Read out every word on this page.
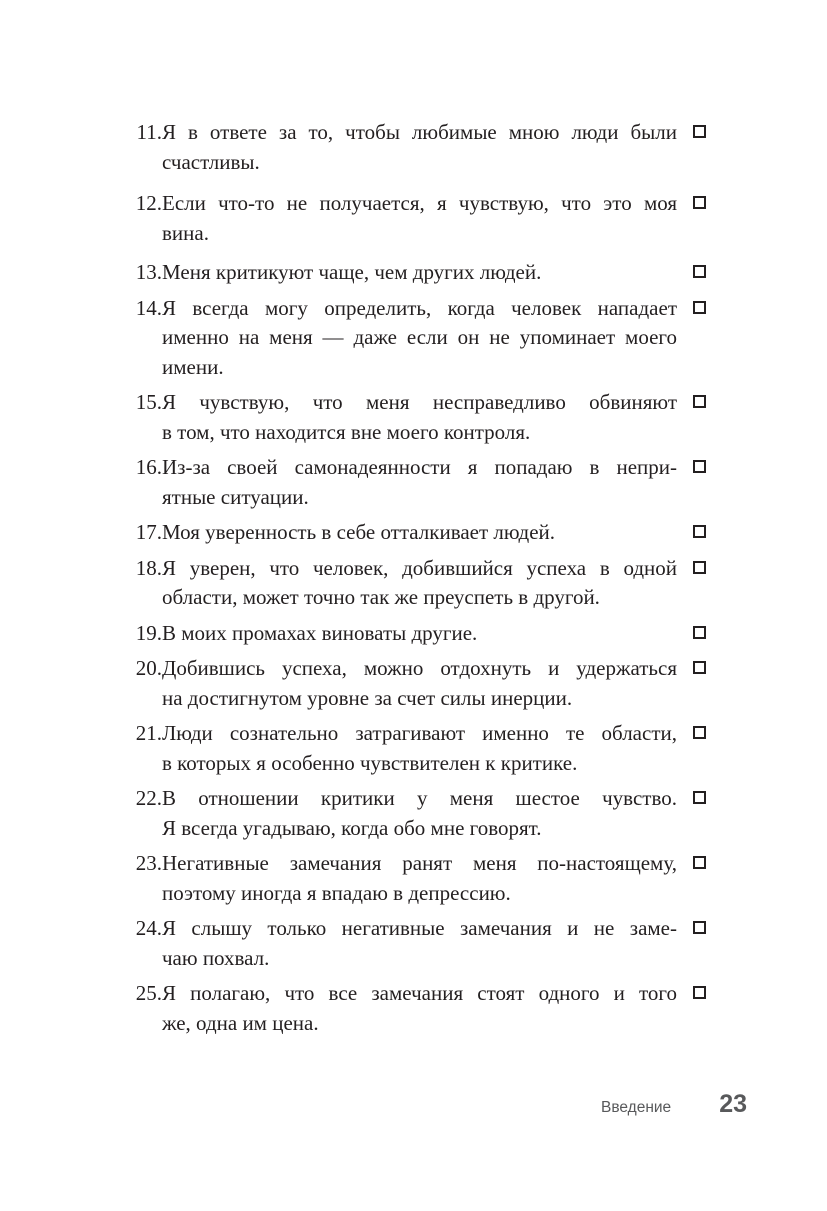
11. Я в ответе за то, чтобы любимые мною люди были
счастливы.
12. Если что-то не получается, я чувствую, что это моя
вина.
13. Меня критикуют чаще, чем других людей.
14. Я всегда могу определить, когда человек нападает
именно на меня — даже если он не упоминает моего
имени.
15. Я чувствую, что меня несправедливо обвиняют
в том, что находится вне моего контроля.
16. Из-за своей самонадеянности я попадаю в непри-
ятные ситуации.
17. Моя уверенность в себе отталкивает людей.
18. Я уверен, что человек, добившийся успеха в одной
области, может точно так же преуспеть в другой.
19. В моих промахах виноваты другие.
20. Добившись успеха, можно отдохнуть и удержаться
на достигнутом уровне за счет силы инерции.
21. Люди сознательно затрагивают именно те области,
в которых я особенно чувствителен к критике.
22. В отношении критики у меня шестое чувство.
Я всегда угадываю, когда обо мне говорят.
23. Негативные замечания ранят меня по-настоящему,
поэтому иногда я впадаю в депрессию.
24. Я слышу только негативные замечания и не заме-
чаю похвал.
25. Я полагаю, что все замечания стоят одного и того
же, одна им цена.
Введение 23
